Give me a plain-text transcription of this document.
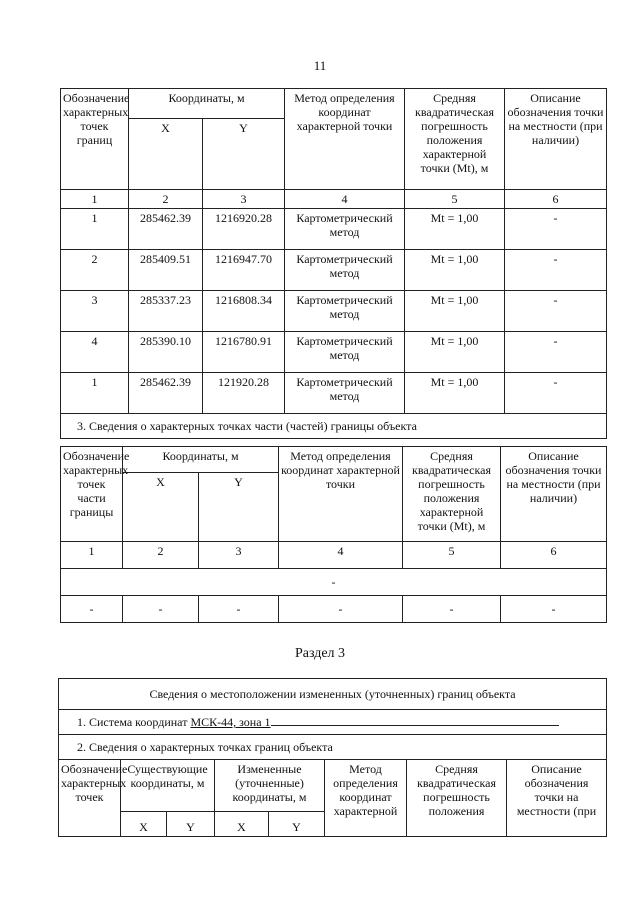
11
Обозначение характерных точек границ	Координаты, м		Метод определения координат характерной точки	Средняя квадратическая погрешность положения характерной точки (Mt), м	Описание обозначения точки на местности (при наличии)
	X	Y			
1	2	3	4	5	6
1	285462.39	1216920.28	Картометрический метод	Mt = 1,00	-
2	285409.51	1216947.70	Картометрический метод	Mt = 1,00	-
3	285337.23	1216808.34	Картометрический метод	Mt = 1,00	-
4	285390.10	1216780.91	Картометрический метод	Mt = 1,00	-
1	285462.39	121920.28	Картометрический метод	Mt = 1,00	-
3. Сведения о характерных точках части (частей) границы объекта					
Обозначение характерных точек части границы	Координаты, м		Метод определения координат характерной точки	Средняя квадратическая погрешность положения характерной точки (Mt), м	Описание обозначения точки на местности (при наличии)
	X	Y			
1	2	3	4	5	6
-					
-	-	-	-	-	-
Раздел 3
Сведения о местоположении измененных (уточненных) границ объекта							
1. Система координат МСК-44, зона 1							
2. Сведения о характерных точках границ объекта							
Обозначение характерных точек	Существующие координаты, м		Измененные (уточненные) координаты, м		Метод определения координат характерной	Средняя квадратическая погрешность положения	Описание обозначения точки на местности (при
	X	Y	X	Y			
